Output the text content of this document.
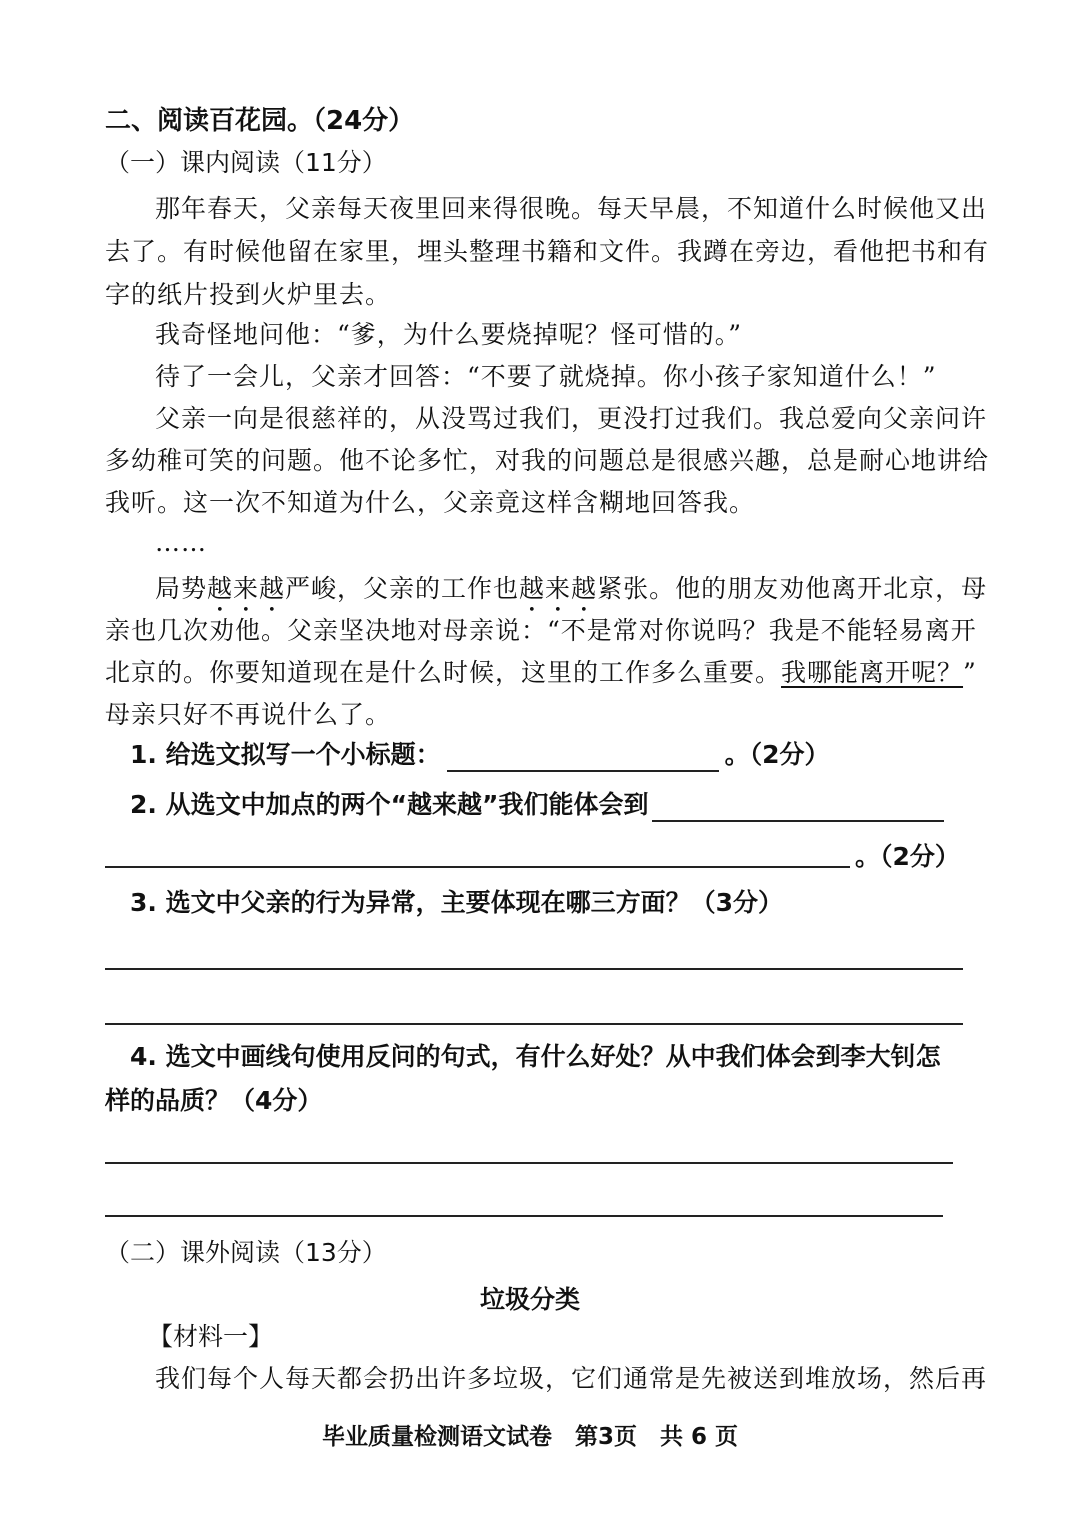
二、阅读百花园。（24分）
（一）课内阅读（11分）
那年春天，父亲每天夜里回来得很晚。每天早晨，不知道什么时候他又出
去了。有时候他留在家里，埋头整理书籍和文件。我蹲在旁边，看他把书和有
字的纸片投到火炉里去。
我奇怪地问他：“爹，为什么要烧掉呢？怪可惜的。”
待了一会儿，父亲才回答：“不要了就烧掉。你小孩子家知道什么！”
父亲一向是很慈祥的，从没骂过我们，更没打过我们。我总爱向父亲问许
多幼稚可笑的问题。他不论多忙，对我的问题总是很感兴趣，总是耐心地讲给
我听。这一次不知道为什么，父亲竟这样含糊地回答我。
……
局势越来越严峻，父亲的工作也越来越紧张。他的朋友劝他离开北京，母
亲也几次劝他。父亲坚决地对母亲说：“不是常对你说吗？我是不能轻易离开
北京的。你要知道现在是什么时候，这里的工作多么重要。我哪能离开呢？”
母亲只好不再说什么了。
1. 给选文拟写一个小标题：	。（2分）
2. 从选文中加点的两个“越来越”我们能体会到
。（2分）
3. 选文中父亲的行为异常，主要体现在哪三方面？（3分）
4. 选文中画线句使用反问的句式，有什么好处？从中我们体会到李大钊怎
样的品质？（4分）
（二）课外阅读（13分）
垃圾分类
【材料一】
我们每个人每天都会扔出许多垃圾，它们通常是先被送到堆放场，然后再
毕业质量检测语文试卷　第3页　共 6 页
